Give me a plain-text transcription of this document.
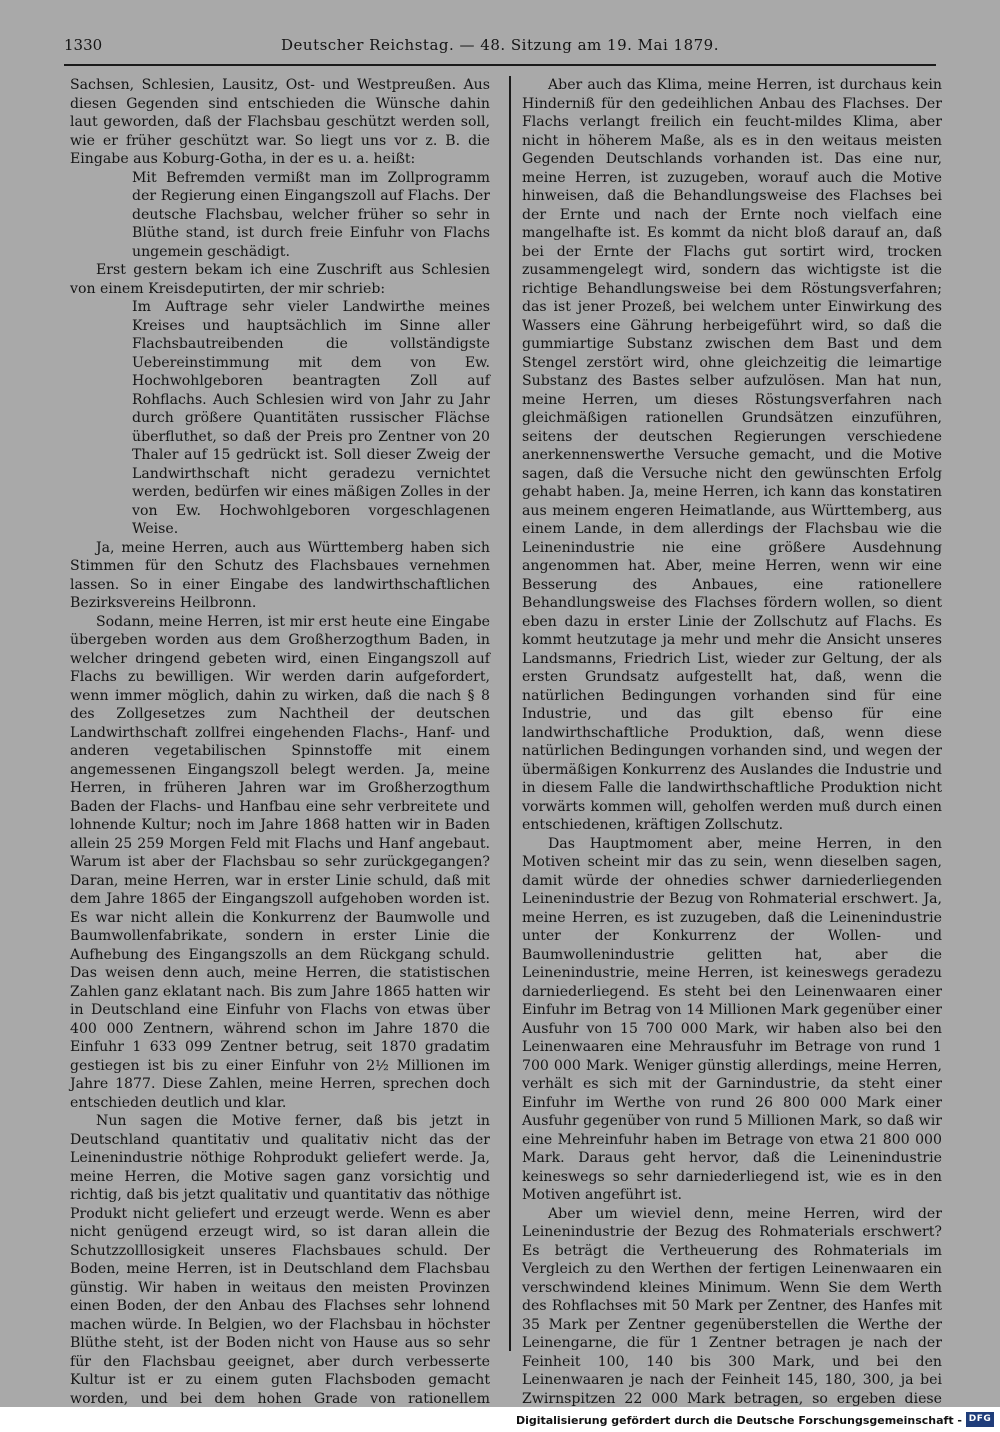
1330	Deutscher Reichstag. — 48. Sitzung am 19. Mai 1879.

Sachsen, Schlesien, Lausitz, Ost- und Westpreußen. Aus diesen Gegenden sind entschieden die Wünsche dahin laut geworden, daß der Flachsbau geschützt werden soll, wie er früher geschützt war. So liegt uns vor z. B. die Eingabe aus Koburg-Gotha, in der es u. a. heißt:

Mit Befremden vermißt man im Zollprogramm der Regierung einen Eingangszoll auf Flachs. Der deutsche Flachsbau, welcher früher so sehr in Blüthe stand, ist durch freie Einfuhr von Flachs ungemein geschädigt.

Erst gestern bekam ich eine Zuschrift aus Schlesien von einem Kreisdeputirten, der mir schrieb:

Im Auftrage sehr vieler Landwirthe meines Kreises und hauptsächlich im Sinne aller Flachsbautreibenden die vollständigste Uebereinstimmung mit dem von Ew. Hochwohlgeboren beantragten Zoll auf Rohflachs. Auch Schlesien wird von Jahr zu Jahr durch größere Quantitäten russischer Flächse überfluthet, so daß der Preis pro Zentner von 20 Thaler auf 15 gedrückt ist. Soll dieser Zweig der Landwirthschaft nicht geradezu vernichtet werden, bedürfen wir eines mäßigen Zolles in der von Ew. Hochwohlgeboren vorgeschlagenen Weise.

Ja, meine Herren, auch aus Württemberg haben sich Stimmen für den Schutz des Flachsbaues vernehmen lassen. So in einer Eingabe des landwirthschaftlichen Bezirksvereins Heilbronn.

Sodann, meine Herren, ist mir erst heute eine Eingabe übergeben worden aus dem Großherzogthum Baden, in welcher dringend gebeten wird, einen Eingangszoll auf Flachs zu bewilligen. Wir werden darin aufgefordert, wenn immer möglich, dahin zu wirken, daß die nach § 8 des Zollgesetzes zum Nachtheil der deutschen Landwirthschaft zollfrei eingehenden Flachs-, Hanf- und anderen vegetabilischen Spinnstoffe mit einem angemessenen Eingangszoll belegt werden. Ja, meine Herren, in früheren Jahren war im Großherzogthum Baden der Flachs- und Hanfbau eine sehr verbreitete und lohnende Kultur; noch im Jahre 1868 hatten wir in Baden allein 25 259 Morgen Feld mit Flachs und Hanf angebaut. Warum ist aber der Flachsbau so sehr zurückgegangen? Daran, meine Herren, war in erster Linie schuld, daß mit dem Jahre 1865 der Eingangszoll aufgehoben worden ist. Es war nicht allein die Konkurrenz der Baumwolle und Baumwollenfabrikate, sondern in erster Linie die Aufhebung des Eingangszolls an dem Rückgang schuld. Das weisen denn auch, meine Herren, die statistischen Zahlen ganz eklatant nach. Bis zum Jahre 1865 hatten wir in Deutschland eine Einfuhr von Flachs von etwas über 400 000 Zentnern, während schon im Jahre 1870 die Einfuhr 1 633 099 Zentner betrug, seit 1870 gradatim gestiegen ist bis zu einer Einfuhr von 2½ Millionen im Jahre 1877. Diese Zahlen, meine Herren, sprechen doch entschieden deutlich und klar.

Nun sagen die Motive ferner, daß bis jetzt in Deutschland quantitativ und qualitativ nicht das der Leinenindustrie nöthige Rohprodukt geliefert werde. Ja, meine Herren, die Motive sagen ganz vorsichtig und richtig, daß bis jetzt qualitativ und quantitativ das nöthige Produkt nicht geliefert und erzeugt werde. Wenn es aber nicht genügend erzeugt wird, so ist daran allein die Schutzzolllosigkeit unseres Flachsbaues schuld. Der Boden, meine Herren, ist in Deutschland dem Flachsbau günstig. Wir haben in weitaus den meisten Provinzen einen Boden, der den Anbau des Flachses sehr lohnend machen würde. In Belgien, wo der Flachsbau in höchster Blüthe steht, ist der Boden nicht von Hause aus so sehr für den Flachsbau geeignet, aber durch verbesserte Kultur ist er zu einem guten Flachsboden gemacht worden, und bei dem hohen Grade von rationellem

Aber auch das Klima, meine Herren, ist durchaus kein Hinderniß für den gedeihlichen Anbau des Flachses. Der Flachs verlangt freilich ein feucht-mildes Klima, aber nicht in höherem Maße, als es in den weitaus meisten Gegenden Deutschlands vorhanden ist. Das eine nur, meine Herren, ist zuzugeben, worauf auch die Motive hinweisen, daß die Behandlungsweise des Flachses bei der Ernte und nach der Ernte noch vielfach eine mangelhafte ist. Es kommt da nicht bloß darauf an, daß bei der Ernte der Flachs gut sortirt wird, trocken zusammengelegt wird, sondern das wichtigste ist die richtige Behandlungsweise bei dem Röstungsverfahren; das ist jener Prozeß, bei welchem unter Einwirkung des Wassers eine Gährung herbeigeführt wird, so daß die gummiartige Substanz zwischen dem Bast und dem Stengel zerstört wird, ohne gleichzeitig die leimartige Substanz des Bastes selber aufzulösen. Man hat nun, meine Herren, um dieses Röstungsverfahren nach gleichmäßigen rationellen Grundsätzen einzuführen, seitens der deutschen Regierungen verschiedene anerkennenswerthe Versuche gemacht, und die Motive sagen, daß die Versuche nicht den gewünschten Erfolg gehabt haben. Ja, meine Herren, ich kann das konstatiren aus meinem engeren Heimatlande, aus Württemberg, aus einem Lande, in dem allerdings der Flachsbau wie die Leinenindustrie nie eine größere Ausdehnung angenommen hat. Aber, meine Herren, wenn wir eine Besserung des Anbaues, eine rationellere Behandlungsweise des Flachses fördern wollen, so dient eben dazu in erster Linie der Zollschutz auf Flachs. Es kommt heutzutage ja mehr und mehr die Ansicht unseres Landsmanns, Friedrich List, wieder zur Geltung, der als ersten Grundsatz aufgestellt hat, daß, wenn die natürlichen Bedingungen vorhanden sind für eine Industrie, und das gilt ebenso für eine landwirthschaftliche Produktion, daß, wenn diese natürlichen Bedingungen vorhanden sind, und wegen der übermäßigen Konkurrenz des Auslandes die Industrie und in diesem Falle die landwirthschaftliche Produktion nicht vorwärts kommen will, geholfen werden muß durch einen entschiedenen, kräftigen Zollschutz.

Das Hauptmoment aber, meine Herren, in den Motiven scheint mir das zu sein, wenn dieselben sagen, damit würde der ohnedies schwer darniederliegenden Leinenindustrie der Bezug von Rohmaterial erschwert. Ja, meine Herren, es ist zuzugeben, daß die Leinenindustrie unter der Konkurrenz der Wollen- und Baumwollenindustrie gelitten hat, aber die Leinenindustrie, meine Herren, ist keineswegs geradezu darniederliegend. Es steht bei den Leinenwaaren einer Einfuhr im Betrag von 14 Millionen Mark gegenüber einer Ausfuhr von 15 700 000 Mark, wir haben also bei den Leinenwaaren eine Mehrausfuhr im Betrage von rund 1 700 000 Mark. Weniger günstig allerdings, meine Herren, verhält es sich mit der Garnindustrie, da steht einer Einfuhr im Werthe von rund 26 800 000 Mark einer Ausfuhr gegenüber von rund 5 Millionen Mark, so daß wir eine Mehreinfuhr haben im Betrage von etwa 21 800 000 Mark. Daraus geht hervor, daß die Leinenindustrie keineswegs so sehr darniederliegend ist, wie es in den Motiven angeführt ist.

Aber um wieviel denn, meine Herren, wird der Leinenindustrie der Bezug des Rohmaterials erschwert? Es beträgt die Vertheuerung des Rohmaterials im Vergleich zu den Werthen der fertigen Leinenwaaren ein verschwindend kleines Minimum. Wenn Sie dem Werth des Rohflachses mit 50 Mark per Zentner, des Hanfes mit 35 Mark per Zentner gegenüberstellen die Werthe der Leinengarne, die für 1 Zentner betragen je nach der Feinheit 100, 140 bis 300 Mark, und bei den Leinenwaaren je nach der Feinheit 145, 180, 300, ja bei Zwirnspitzen 22 000 Mark betragen, so ergeben diese

Digitalisierung gefördert durch die Deutsche Forschungsgemeinschaft - DFG
